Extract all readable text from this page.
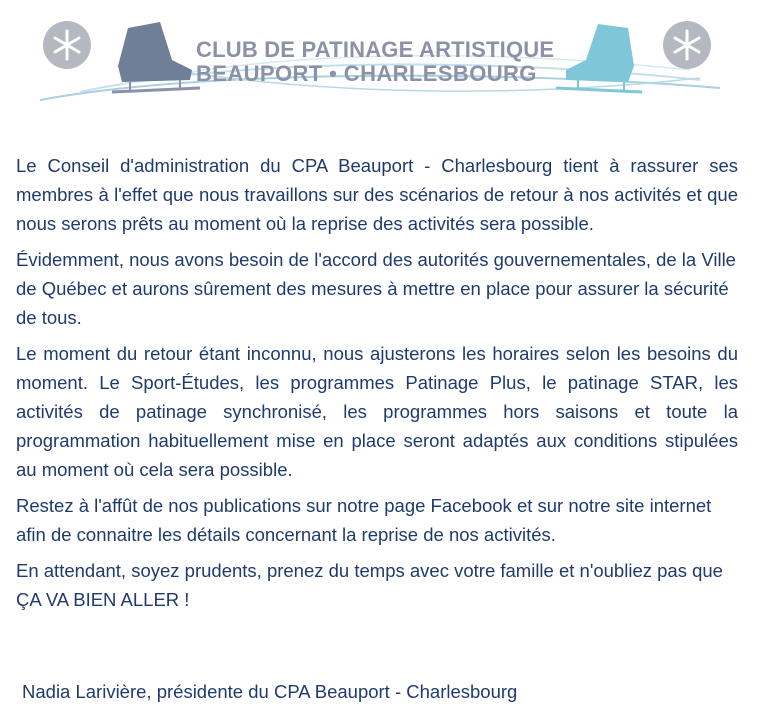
CLUB DE PATINAGE ARTISTIQUE
BEAUPORT • CHARLESBOURG

Le Conseil d'administration du CPA Beauport - Charlesbourg tient à rassurer ses membres à l'effet que nous travaillons sur des scénarios de retour à nos activités et que nous serons prêts au moment où la reprise des activités sera possible.

Évidemment, nous avons besoin de l'accord des autorités gouvernementales, de la Ville de Québec et aurons sûrement des mesures à mettre en place pour assurer la sécurité de tous.

Le moment du retour étant inconnu, nous ajusterons les horaires selon les besoins du moment. Le Sport-Études, les programmes Patinage Plus, le patinage STAR, les activités de patinage synchronisé, les programmes hors saisons et toute la programmation habituellement mise en place seront adaptés aux conditions stipulées au moment où cela sera possible.

Restez à l'affût de nos publications sur notre page Facebook et sur notre site internet afin de connaitre les détails concernant la reprise de nos activités.

En attendant, soyez prudents, prenez du temps avec votre famille et n'oubliez pas que ÇA VA BIEN ALLER !

Nadia Larivière, présidente du CPA Beauport - Charlesbourg
